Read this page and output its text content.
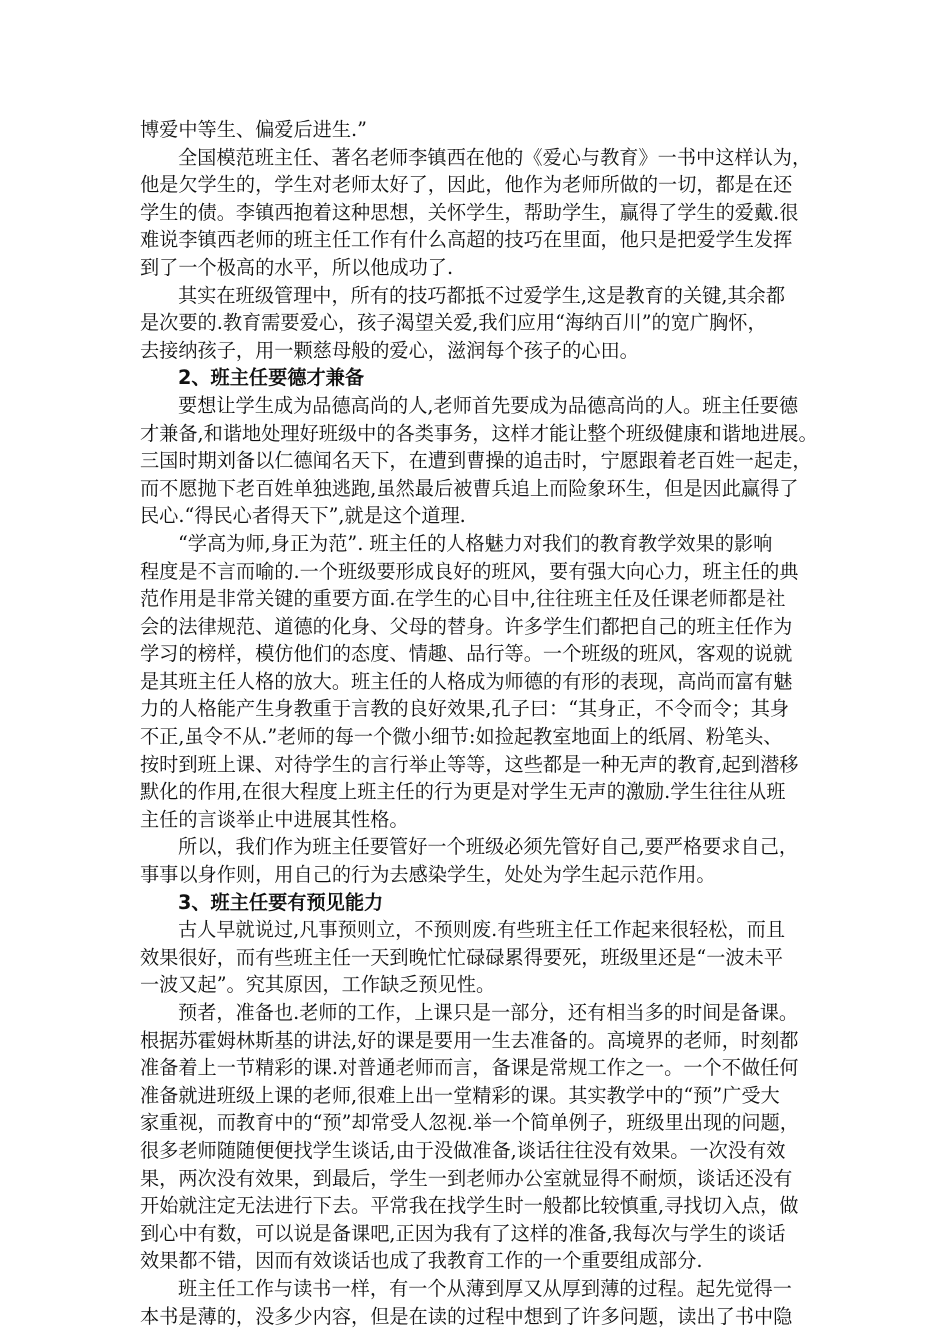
博爱中等生、偏爱后进生.”
全国模范班主任、著名老师李镇西在他的《爱心与教育》一书中这样认为，
他是欠学生的，学生对老师太好了，因此，他作为老师所做的一切，都是在还
学生的债。李镇西抱着这种思想，关怀学生，帮助学生，赢得了学生的爱戴.很
难说李镇西老师的班主任工作有什么高超的技巧在里面，他只是把爱学生发挥
到了一个极高的水平，所以他成功了.
其实在班级管理中，所有的技巧都抵不过爱学生,这是教育的关键,其余都
是次要的.教育需要爱心，孩子渴望关爱,我们应用“海纳百川”的宽广胸怀，
去接纳孩子，用一颗慈母般的爱心，滋润每个孩子的心田。
2、班主任要德才兼备
要想让学生成为品德高尚的人,老师首先要成为品德高尚的人。班主任要德
才兼备,和谐地处理好班级中的各类事务，这样才能让整个班级健康和谐地进展。
三国时期刘备以仁德闻名天下，在遭到曹操的追击时，宁愿跟着老百姓一起走，
而不愿抛下老百姓单独逃跑,虽然最后被曹兵追上而险象环生，但是因此赢得了
民心.“得民心者得天下”,就是这个道理.
“学高为师,身正为范”. 班主任的人格魅力对我们的教育教学效果的影响
程度是不言而喻的.一个班级要形成良好的班风，要有强大向心力，班主任的典
范作用是非常关键的重要方面.在学生的心目中,往往班主任及任课老师都是社
会的法律规范、道德的化身、父母的替身。许多学生们都把自己的班主任作为
学习的榜样，模仿他们的态度、情趣、品行等。一个班级的班风，客观的说就
是其班主任人格的放大。班主任的人格成为师德的有形的表现，高尚而富有魅
力的人格能产生身教重于言教的良好效果,孔子曰：“其身正，不令而令；其身
不正,虽令不从.”老师的每一个微小细节:如捡起教室地面上的纸屑、粉笔头、
按时到班上课、对待学生的言行举止等等，这些都是一种无声的教育,起到潜移
默化的作用,在很大程度上班主任的行为更是对学生无声的激励.学生往往从班
主任的言谈举止中进展其性格。
所以，我们作为班主任要管好一个班级必须先管好自己,要严格要求自己，
事事以身作则，用自己的行为去感染学生，处处为学生起示范作用。
3、班主任要有预见能力
古人早就说过,凡事预则立，不预则废.有些班主任工作起来很轻松，而且
效果很好，而有些班主任一天到晚忙忙碌碌累得要死，班级里还是“一波未平
一波又起”。究其原因，工作缺乏预见性。
预者，准备也.老师的工作，上课只是一部分，还有相当多的时间是备课。
根据苏霍姆林斯基的讲法,好的课是要用一生去准备的。高境界的老师，时刻都
准备着上一节精彩的课.对普通老师而言，备课是常规工作之一。一个不做任何
准备就进班级上课的老师,很难上出一堂精彩的课。其实教学中的“预”广受大
家重视，而教育中的“预”却常受人忽视.举一个简单例子，班级里出现的问题，
很多老师随随便便找学生谈话,由于没做准备,谈话往往没有效果。一次没有效
果，两次没有效果，到最后，学生一到老师办公室就显得不耐烦，谈话还没有
开始就注定无法进行下去。平常我在找学生时一般都比较慎重,寻找切入点，做
到心中有数，可以说是备课吧,正因为我有了这样的准备,我每次与学生的谈话
效果都不错，因而有效谈话也成了我教育工作的一个重要组成部分.
班主任工作与读书一样，有一个从薄到厚又从厚到薄的过程。起先觉得一
本书是薄的，没多少内容，但是在读的过程中想到了许多问题，读出了书中隐
